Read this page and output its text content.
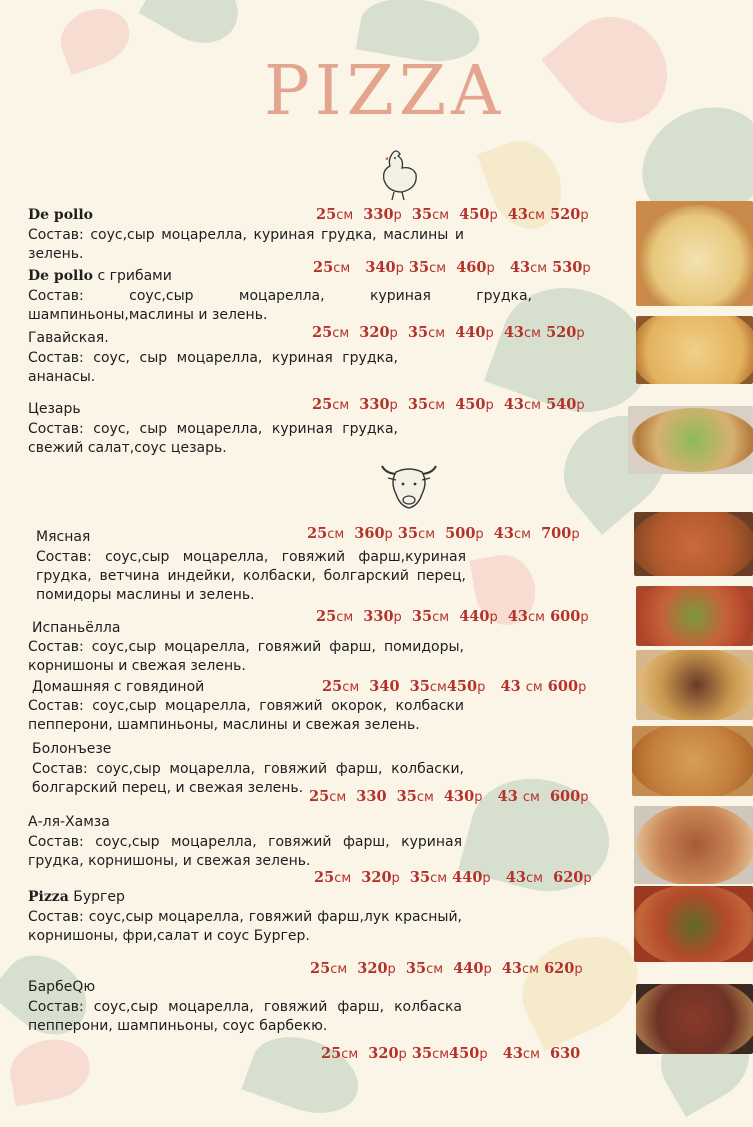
PIZZA
De pollo
Состав: соус,сыр моцарелла, куриная грудка, маслины и зелень.
25см 330р 35см 450р 43см 520р
De pollo с грибами
Состав: соус,сыр моцарелла, куриная грудка, шампиньоны,маслины и зелень.
25см 340р 35см 460р 43см 530р
Гавайская.
Состав: соус, сыр моцарелла, куриная грудка, ананасы.
25см 320р 35см 440р 43см 520р
Цезарь
Состав: соус, сыр моцарелла, куриная грудка, свежий салат,соус цезарь.
25см 330р 35см 450р 43см 540р
Мясная
Состав: соус,сыр моцарелла, говяжий фарш,куриная грудка, ветчина индейки, колбаски, болгарский перец, помидоры маслины и зелень.
25см 360р 35см 500р 43см 700р
Испаньёлла
Состав: соус,сыр моцарелла, говяжий фарш, помидоры, корнишоны и свежая зелень.
25см 330р 35см 440р 43см 600р
Домашняя с говядиной
Состав: соус,сыр моцарелла, говяжий окорок, колбаски пепперони, шампиньоны, маслины и свежая зелень.
25см 340 35см450р 43 см 600р
Болонъезе
Состав: соус,сыр моцарелла, говяжий фарш, колбаски, болгарский перец, и свежая зелень. 25см 330 35см 430р 43 см 600р
А-ля-Хамза
Состав: соус,сыр моцарелла, говяжий фарш, куриная грудка, корнишоны, и свежая зелень.
25см 320р 35см 440р 43см 620р
Pizza Бургер
Состав: соус,сыр моцарелла, говяжий фарш,лук красный, корнишоны, фри,салат и соус Бургер.
25см 320р 35см 440р 43см 620р
БарбеQю
Состав: соус,сыр моцарелла, говяжий фарш, колбаска пепперони, шампиньоны, соус барбекю.
25см 320р 35см450р 43см 630
